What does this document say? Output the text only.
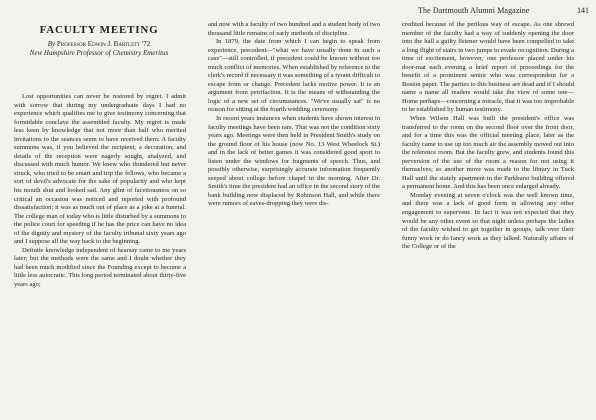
The Dartmouth Alumni Magazine	141
FACULTY MEETING

By Professor Edwin J. Bartlett '72

New Hampshire Professor of Chemistry Emeritus

Lost opportunities can never be restored by regret. I admit with sorrow that during my undergraduate days I had no experience which qualifies me to give testimony concerning that formidable conclave the assembled faculty. My regret is made less keen by knowledge that not more than half who merited invitations to the seances seem to have received them. A faculty summons was, if you believed the recipient, a decoration, and details of the reception were eagerly sought, analyzed, and discussed with much humor. We knew who thundered but never struck, who tried to be smart and trip the fellows, who became a sort of devil's advocate for the sake of popularity and who kept his mouth shut and looked sad. Any glint of facetiousness on so critical an occasion was noticed and reported with profound dissatisfaction; it was as much out of place as a joke at a funeral. The college man of today who is little disturbed by a summons to the police court for speeding if he has the price can have no idea of the dignity and mystery of the faculty tribunal sixty years ago and I suppose all the way back to the beginning.

Definite knowledge independent of hearsay came to me years later; but the methods were the same and I doubt whether they had been much modified since the Founding except to become a little less autocratic. This long period terminated about thirty-five years ago;

and now with a faculty of two hundred and a student body of two thousand little remains of early methods of discipline.

In 1879, the date from which I can begin to speak from experience, precedent—"what we have usually done in such a case"—still controlled, if precedent could be known without too much conflict of memories. When established by reference to the clerk's record if necessary it was something of a tyrant difficult to escape from or change. Precedent lacks motive power. It is an argument from petrifaction. It is the means of withstanding the logic of a new set of circumstances. "We've usually sat" is no reason for sitting at the fourth wedding ceremony.

In recent years instances when students have shown interest in faculty meetings have been rare. That was not the condition sixty years ago. Meetings were then held in President Smith's study on the ground floor of his house (now No. 13 West Wheelock St.) and in the lack of better games it was considered good sport to listen under the windows for fragments of speech. Thus, and possibly otherwise, surprisingly accurate information frequently seeped about college before chapel in the morning. After Dr. Smith's time the president had an office in the second story of the bank building now displaced by Robinson Hall, and while there were rumors of eaves-dropping they were dis-

credited because of the perilous way of escape. As one shrewd member of the faculty had a way of suddenly opening the door into the hall a guilty listener would have been compelled to take a long flight of stairs in two jumps to evade recognition. During a time of excitement, however, one professor placed under his door-mat each evening a brief report of proceedings for the benefit of a prominent senior who was correspondent for a Boston paper. The parties to this business are dead and if I should name a name all readers would take the view of some one—Home perhaps—concerning a miracle, that it was too improbable to be established by human testimony.

When Wilson Hall was built the president's office was transferred to the room on the second floor over the front door, and for a time this was the official meeting place, later as the faculty came to use up too much air the assembly moved out into the reference room. But the faculty grew, and students found this perversion of the use of the room a reason for not using it themselves; so another move was made to the library in Tuck Hall until the stately apartment in the Parkhurst building offered a permanent home. And this has been once enlarged already.

Monday evening at seven o'clock was the well known time, and there was a lack of good form in allowing any other engagement to supervene. In fact it was not expected that they would be any other event so that night unless perhaps the ladies of the faculty wished to get together in groups, talk over their funny work or do fancy work as they talked. Naturally affairs of the College or of the
